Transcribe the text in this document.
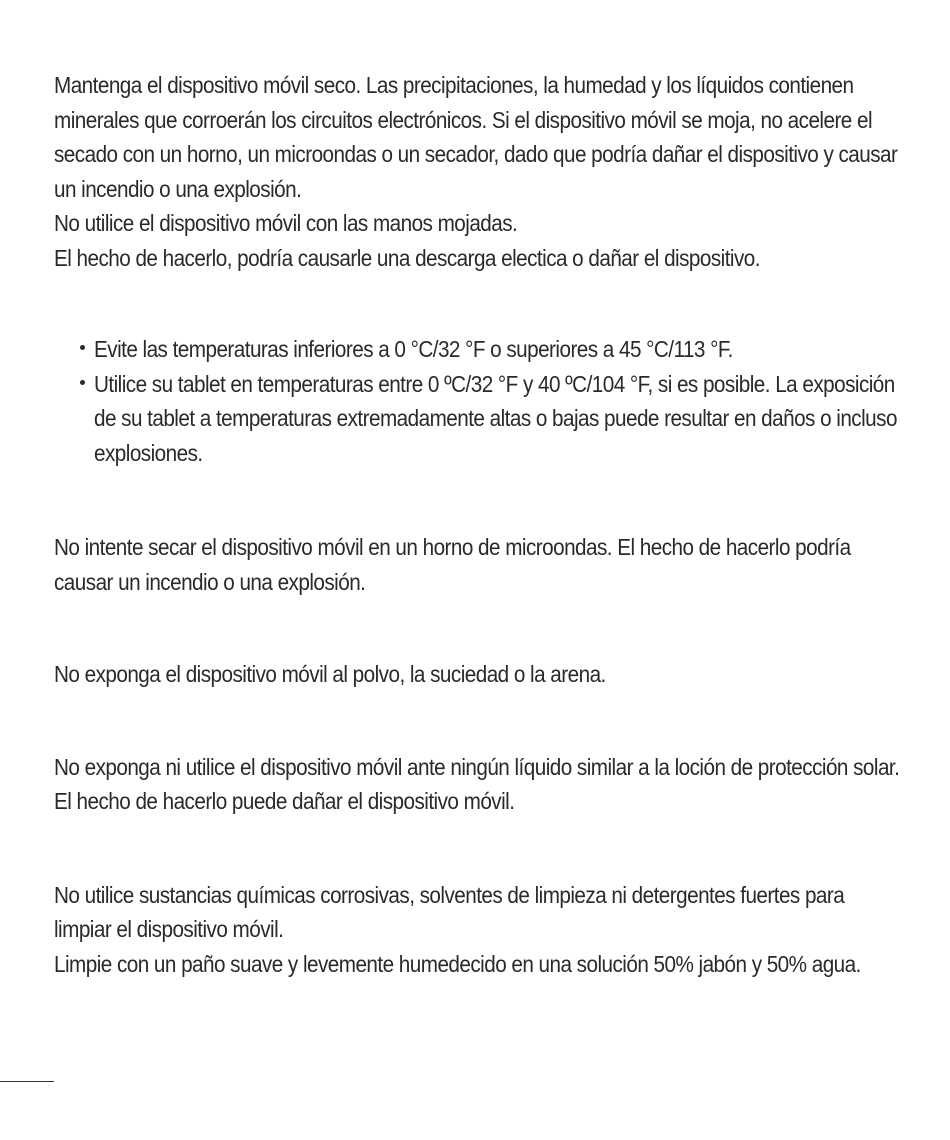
Mantenga el dispositivo móvil seco. Las precipitaciones, la humedad y los líquidos contienen minerales que corroerán los circuitos electrónicos. Si el dispositivo móvil se moja, no acelere el secado con un horno, un microondas o un secador, dado que podría dañar el dispositivo y causar un incendio o una explosión.

No utilice el dispositivo móvil con las manos mojadas.

El hecho de hacerlo, podría causarle una descarga electica o dañar el dispositivo.

Evite las temperaturas inferiores a 0 °C/32 °F o superiores a 45 °C/113 °F.

Utilice su tablet en temperaturas entre 0 ºC/32 °F y 40 ºC/104 °F, si es posible. La exposición de su tablet a temperaturas extremadamente altas o bajas puede resultar en daños o incluso explosiones.

No intente secar el dispositivo móvil en un horno de microondas. El hecho de hacerlo podría causar un incendio o una explosión.

No exponga el dispositivo móvil al polvo, la suciedad o la arena.

No exponga ni utilice el dispositivo móvil ante ningún líquido similar a la loción de protección solar.

El hecho de hacerlo puede dañar el dispositivo móvil.

No utilice sustancias químicas corrosivas, solventes de limpieza ni detergentes fuertes para limpiar el dispositivo móvil.

Limpie con un paño suave y levemente humedecido en una solución 50% jabón y 50% agua.
